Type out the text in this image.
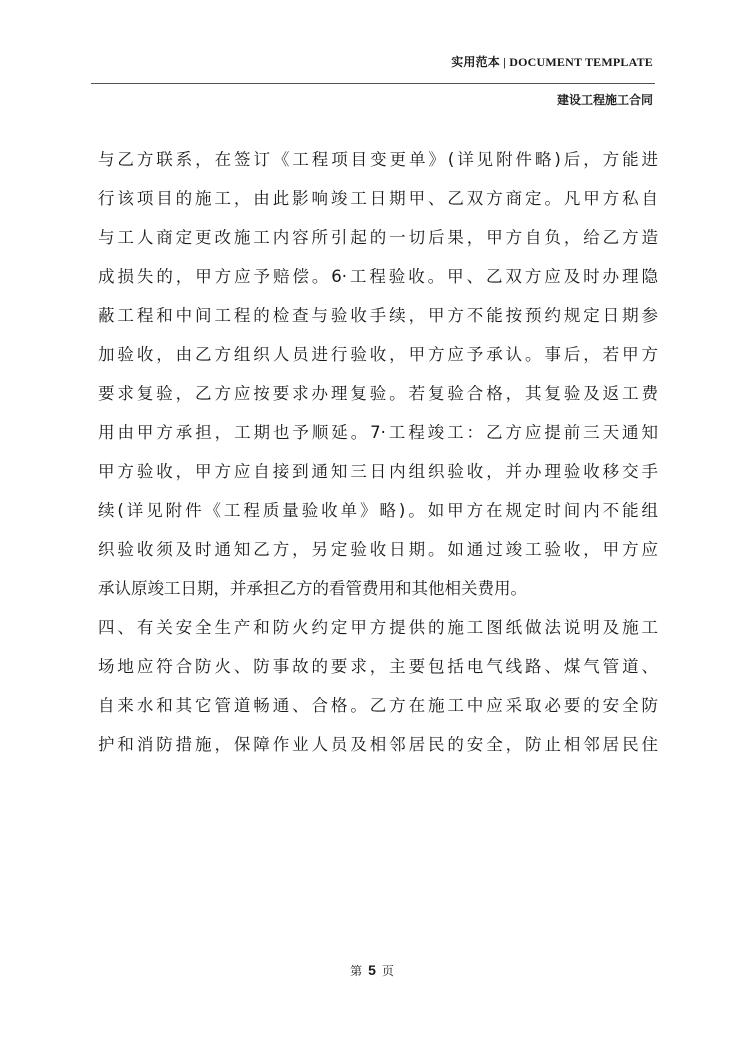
实用范本 | DOCUMENT TEMPLATE
建设工程施工合同
与乙方联系，在签订《工程项目变更单》(详见附件略)后，方能进
行该项目的施工，由此影响竣工日期甲、乙双方商定。凡甲方私自
与工人商定更改施工内容所引起的一切后果，甲方自负，给乙方造
成损失的，甲方应予赔偿。6·工程验收。甲、乙双方应及时办理隐
蔽工程和中间工程的检查与验收手续，甲方不能按预约规定日期参
加验收，由乙方组织人员进行验收，甲方应予承认。事后，若甲方
要求复验，乙方应按要求办理复验。若复验合格，其复验及返工费
用由甲方承担，工期也予顺延。7·工程竣工：乙方应提前三天通知
甲方验收，甲方应自接到通知三日内组织验收，并办理验收移交手
续(详见附件《工程质量验收单》略)。如甲方在规定时间内不能组
织验收须及时通知乙方，另定验收日期。如通过竣工验收，甲方应
承认原竣工日期，并承担乙方的看管费用和其他相关费用。
四、有关安全生产和防火约定甲方提供的施工图纸做法说明及施工
场地应符合防火、防事故的要求，主要包括电气线路、煤气管道、
自来水和其它管道畅通、合格。乙方在施工中应采取必要的安全防
护和消防措施，保障作业人员及相邻居民的安全，防止相邻居民住
第 5 页
